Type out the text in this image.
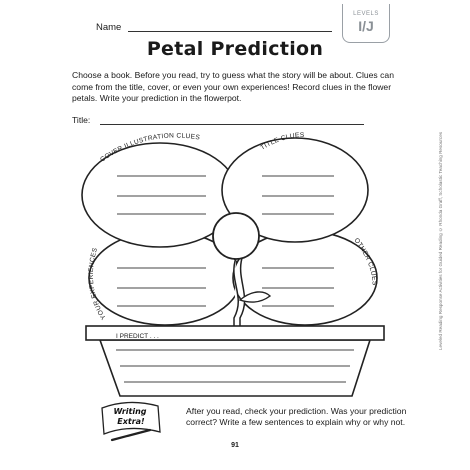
Name
LEVELS
I/J
Petal Prediction
Choose a book. Before you read, try to guess what the story will be about. Clues can come from the title, cover, or even your own experiences! Record clues in the flower petals. Write your prediction in the flowerpot.
Title:
Leveled Reading Response Activities for Guided Reading © Rhonda Graff, Scholastic Teaching Resources
COVER ILLUSTRATION CLUES
TITLE CLUES
YOUR EXPERIENCES
OTHER CLUES
Writing
Extra!
I PREDICT . . .
After you read, check your prediction. Was your prediction correct? Write a few sentences to explain why or why not.
91
